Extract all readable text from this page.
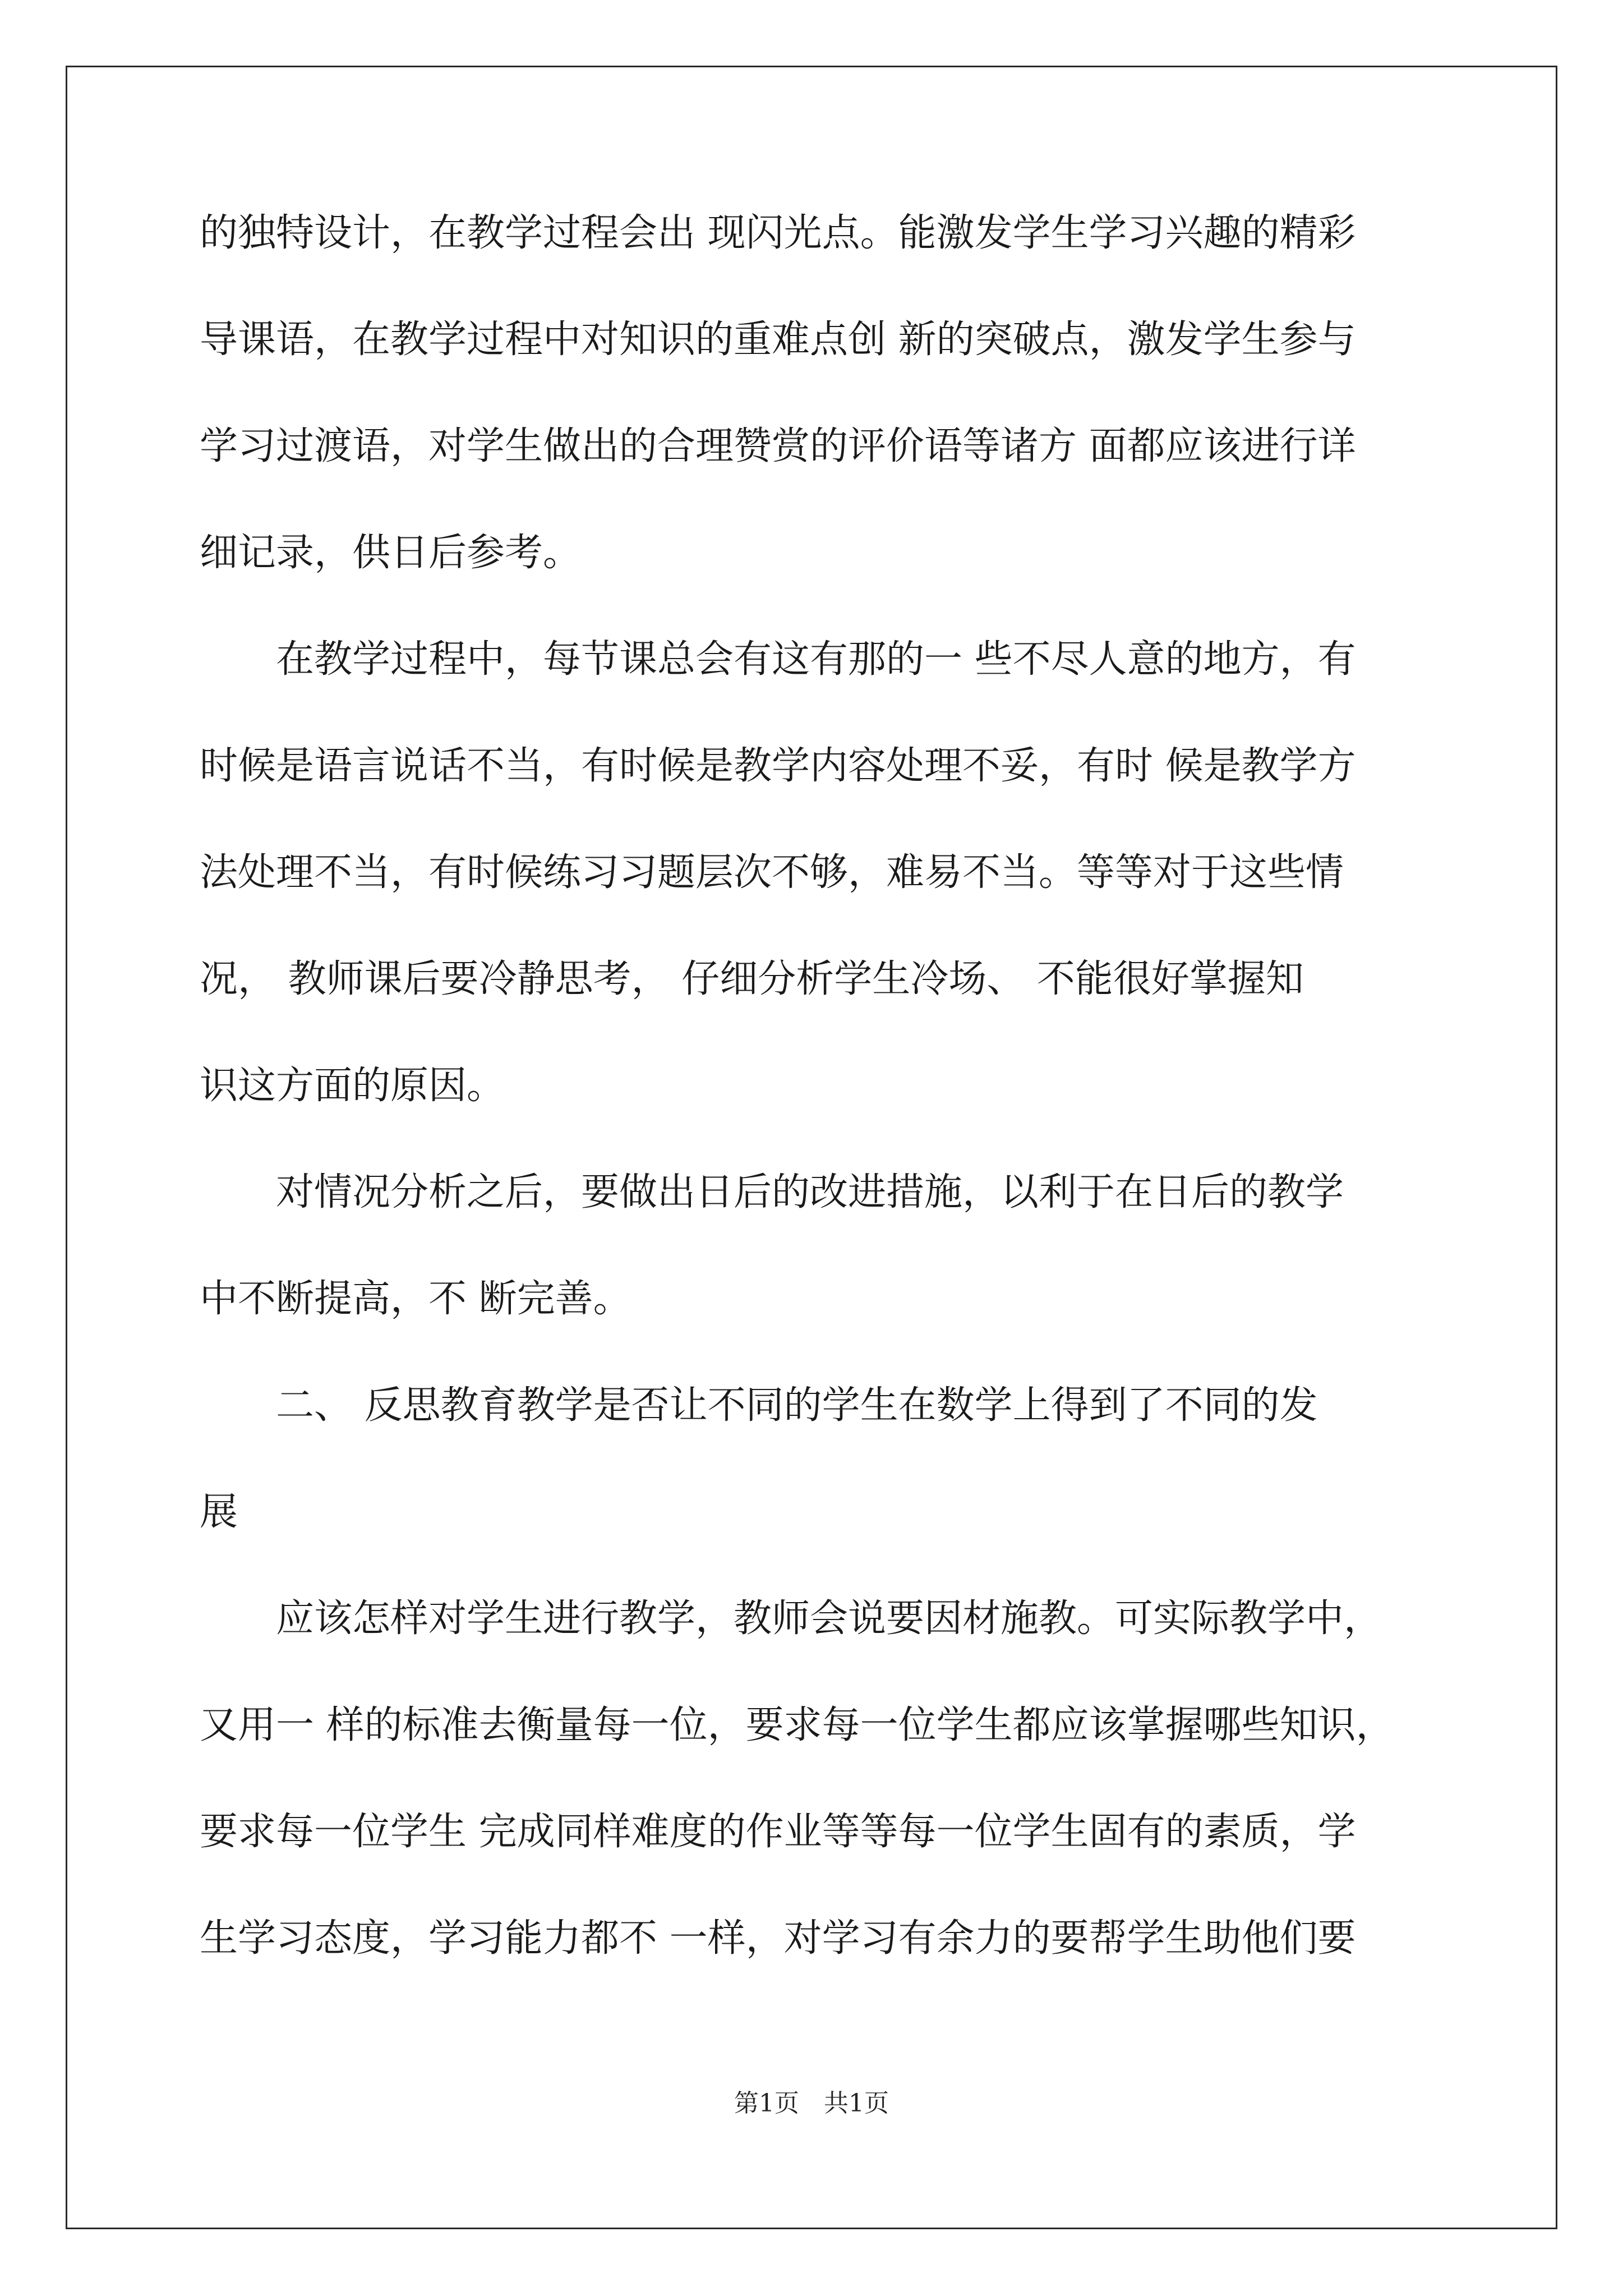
的独特设计，在教学过程会出 现闪光点。能激发学生学习兴趣的精彩
导课语，在教学过程中对知识的重难点创 新的突破点，激发学生参与
学习过渡语，对学生做出的合理赞赏的评价语等诸方 面都应该进行详
细记录，供日后参考。
　　在教学过程中，每节课总会有这有那的一 些不尽人意的地方，有
时候是语言说话不当，有时候是教学内容处理不妥，有时 候是教学方
法处理不当，有时候练习习题层次不够，难易不当。等等对于这些情
况， 教师课后要冷静思考， 仔细分析学生冷场、 不能很好掌握知
识这方面的原因。
　　对情况分析之后，要做出日后的改进措施，以利于在日后的教学
中不断提高，不 断完善。
　　二、 反思教育教学是否让不同的学生在数学上得到了不同的发
展
　　应该怎样对学生进行教学，教师会说要因材施教。可实际教学中，
又用一 样的标准去衡量每一位，要求每一位学生都应该掌握哪些知识，
要求每一位学生 完成同样难度的作业等等每一位学生固有的素质，学
生学习态度，学习能力都不 一样，对学习有余力的要帮学生助他们要
第1页　共1页
